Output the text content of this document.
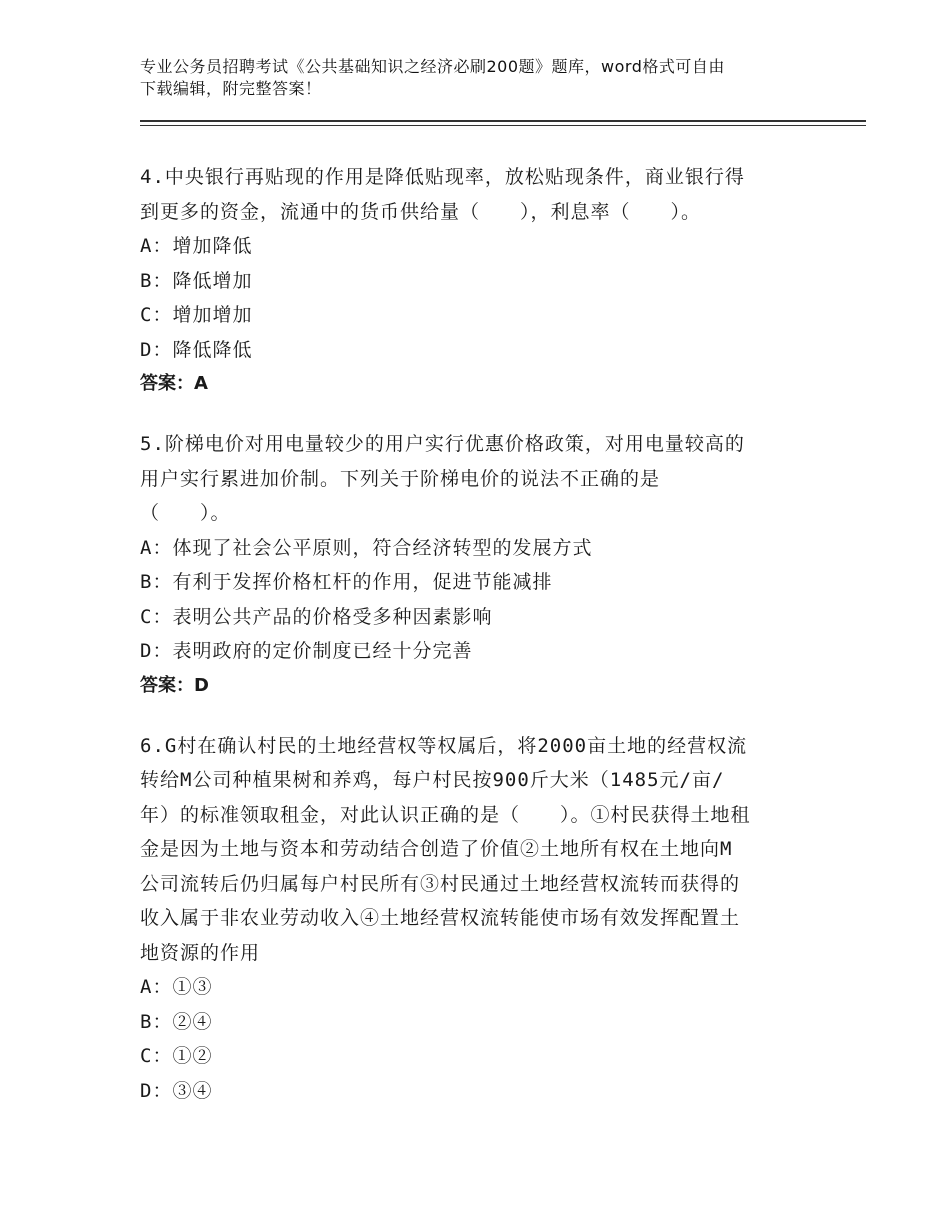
专业公务员招聘考试《公共基础知识之经济必刷200题》题库，word格式可自由
下载编辑，附完整答案！

4.中央银行再贴现的作用是降低贴现率，放松贴现条件，商业银行得

到更多的资金，流通中的货币供给量（　　），利息率（　　）。

A：增加降低

B：降低增加

C：增加增加

D：降低降低

答案：A

5.阶梯电价对用电量较少的用户实行优惠价格政策，对用电量较高的

用户实行累进加价制。下列关于阶梯电价的说法不正确的是

（　　）。

A：体现了社会公平原则，符合经济转型的发展方式

B：有利于发挥价格杠杆的作用，促进节能减排

C：表明公共产品的价格受多种因素影响

D：表明政府的定价制度已经十分完善

答案：D

6.G村在确认村民的土地经营权等权属后，将2000亩土地的经营权流

转给M公司种植果树和养鸡，每户村民按900斤大米（1485元/亩/

年）的标准领取租金，对此认识正确的是（　　）。①村民获得土地租

金是因为土地与资本和劳动结合创造了价值②土地所有权在土地向M

公司流转后仍归属每户村民所有③村民通过土地经营权流转而获得的

收入属于非农业劳动收入④土地经营权流转能使市场有效发挥配置土

地资源的作用

A：①③

B：②④

C：①②

D：③④
